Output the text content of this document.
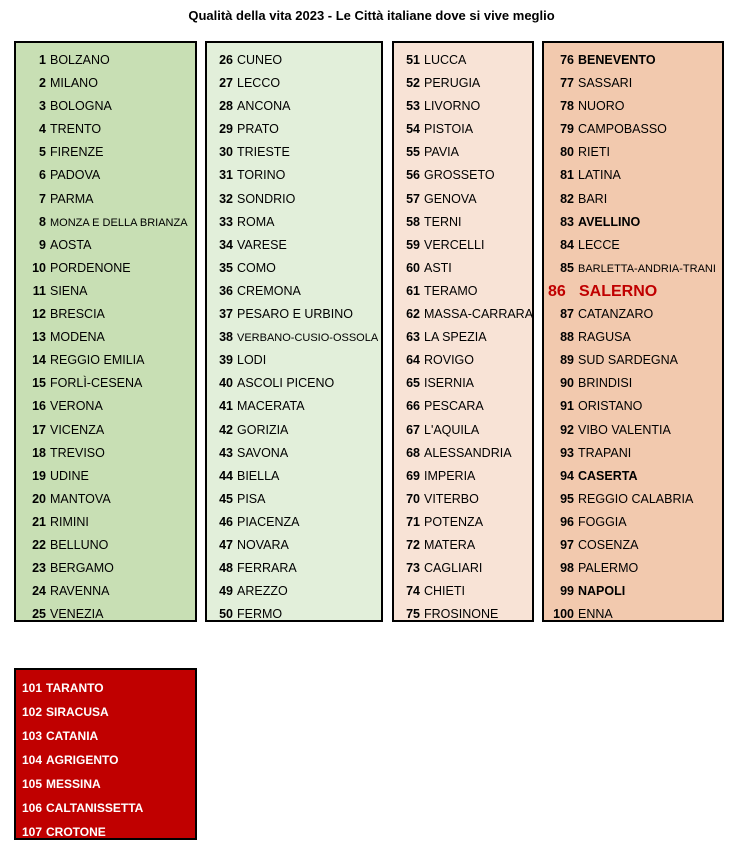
Qualità della vita 2023 - Le Città italiane dove si vive meglio
1 BOLZANO
2 MILANO
3 BOLOGNA
4 TRENTO
5 FIRENZE
6 PADOVA
7 PARMA
8 MONZA E DELLA BRIANZA
9 AOSTA
10 PORDENONE
11 SIENA
12 BRESCIA
13 MODENA
14 REGGIO EMILIA
15 FORLÌ-CESENA
16 VERONA
17 VICENZA
18 TREVISO
19 UDINE
20 MANTOVA
21 RIMINI
22 BELLUNO
23 BERGAMO
24 RAVENNA
25 VENEZIA
26 CUNEO
27 LECCO
28 ANCONA
29 PRATO
30 TRIESTE
31 TORINO
32 SONDRIO
33 ROMA
34 VARESE
35 COMO
36 CREMONA
37 PESARO E URBINO
38 VERBANO-CUSIO-OSSOLA
39 LODI
40 ASCOLI PICENO
41 MACERATA
42 GORIZIA
43 SAVONA
44 BIELLA
45 PISA
46 PIACENZA
47 NOVARA
48 FERRARA
49 AREZZO
50 FERMO
51 LUCCA
52 PERUGIA
53 LIVORNO
54 PISTOIA
55 PAVIA
56 GROSSETO
57 GENOVA
58 TERNI
59 VERCELLI
60 ASTI
61 TERAMO
62 MASSA-CARRARA
63 LA SPEZIA
64 ROVIGO
65 ISERNIA
66 PESCARA
67 L'AQUILA
68 ALESSANDRIA
69 IMPERIA
70 VITERBO
71 POTENZA
72 MATERA
73 CAGLIARI
74 CHIETI
75 FROSINONE
76 BENEVENTO
77 SASSARI
78 NUORO
79 CAMPOBASSO
80 RIETI
81 LATINA
82 BARI
83 AVELLINO
84 LECCE
85 BARLETTA-ANDRIA-TRANI
86 SALERNO
87 CATANZARO
88 RAGUSA
89 SUD SARDEGNA
90 BRINDISI
91 ORISTANO
92 VIBO VALENTIA
93 TRAPANI
94 CASERTA
95 REGGIO CALABRIA
96 FOGGIA
97 COSENZA
98 PALERMO
99 NAPOLI
100 ENNA
101 TARANTO
102 SIRACUSA
103 CATANIA
104 AGRIGENTO
105 MESSINA
106 CALTANISSETTA
107 CROTONE
